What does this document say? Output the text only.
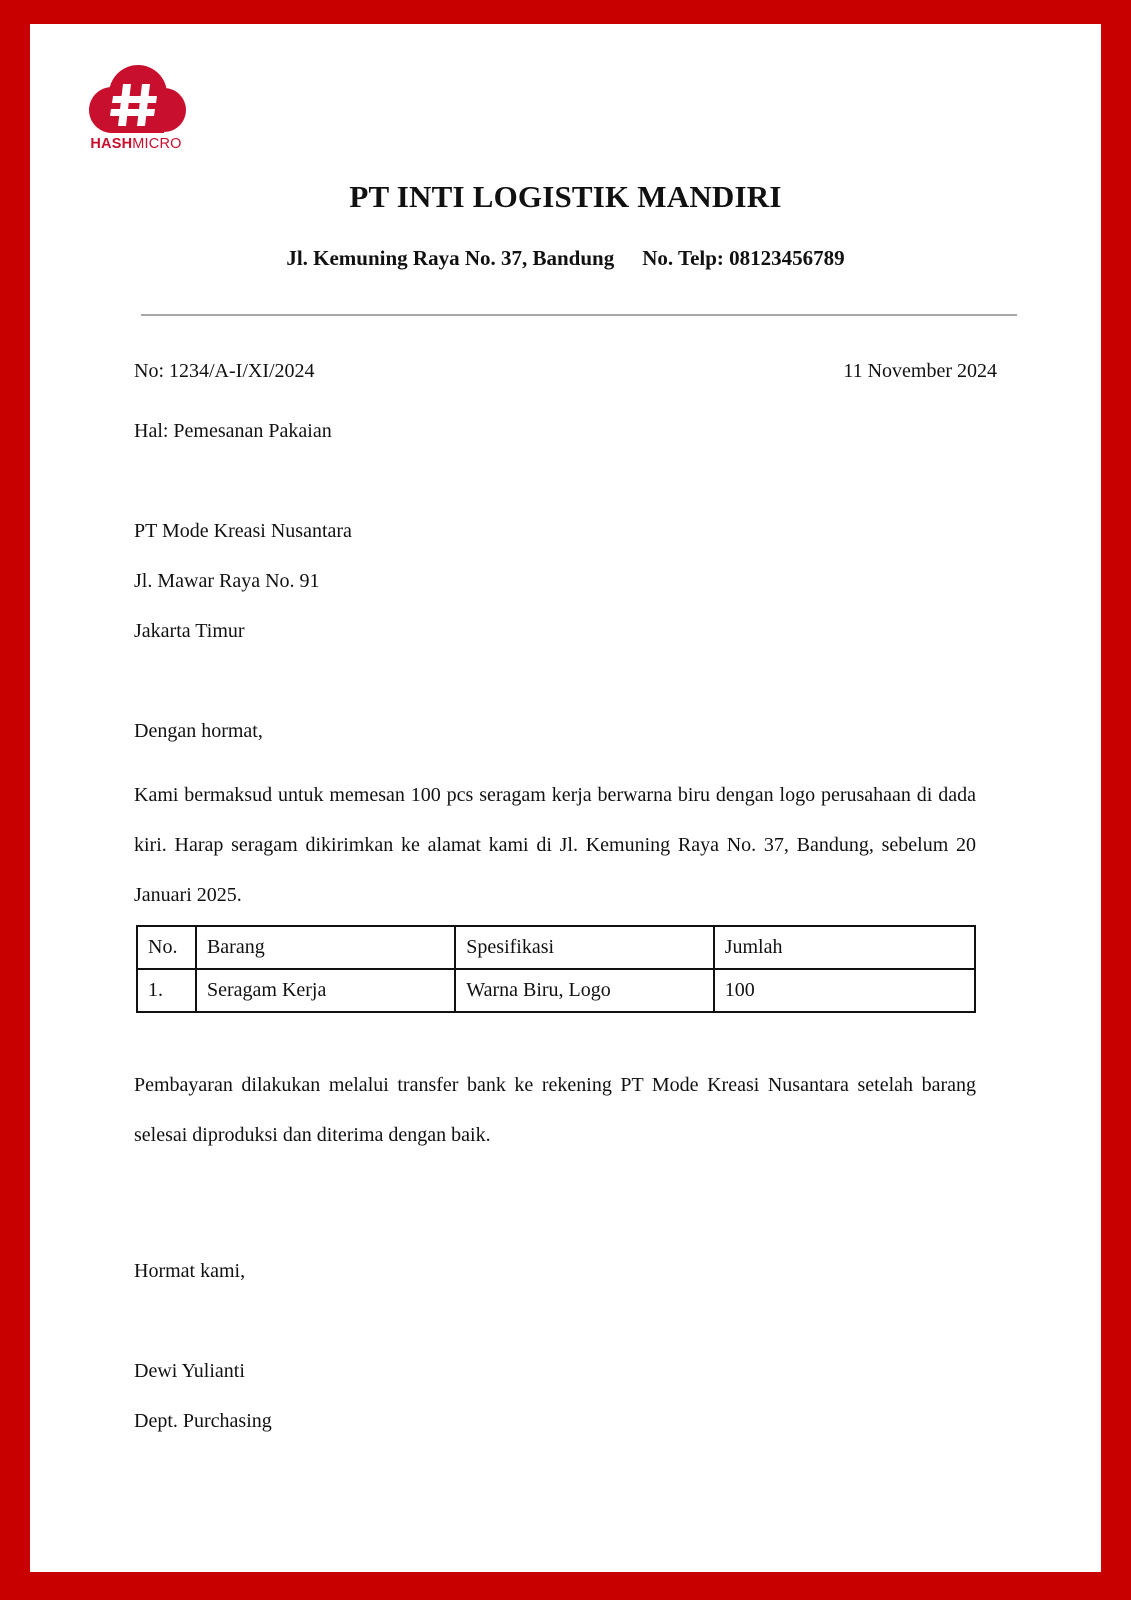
HASHMICRO
PT INTI LOGISTIK MANDIRI
Jl. Kemuning Raya No. 37, Bandung No. Telp: 08123456789
No: 1234/A-I/XI/2024	11 November 2024
Hal: Pemesanan Pakaian
PT Mode Kreasi Nusantara
Jl. Mawar Raya No. 91
Jakarta Timur
Dengan hormat,
Kami bermaksud untuk memesan 100 pcs seragam kerja berwarna biru dengan logo perusahaan di dada kiri. Harap seragam dikirimkan ke alamat kami di Jl. Kemuning Raya No. 37, Bandung, sebelum 20 Januari 2025.
No.	Barang	Spesifikasi	Jumlah
1.	Seragam Kerja	Warna Biru, Logo	100
Pembayaran dilakukan melalui transfer bank ke rekening PT Mode Kreasi Nusantara setelah barang selesai diproduksi dan diterima dengan baik.
Hormat kami,
Dewi Yulianti
Dept. Purchasing
